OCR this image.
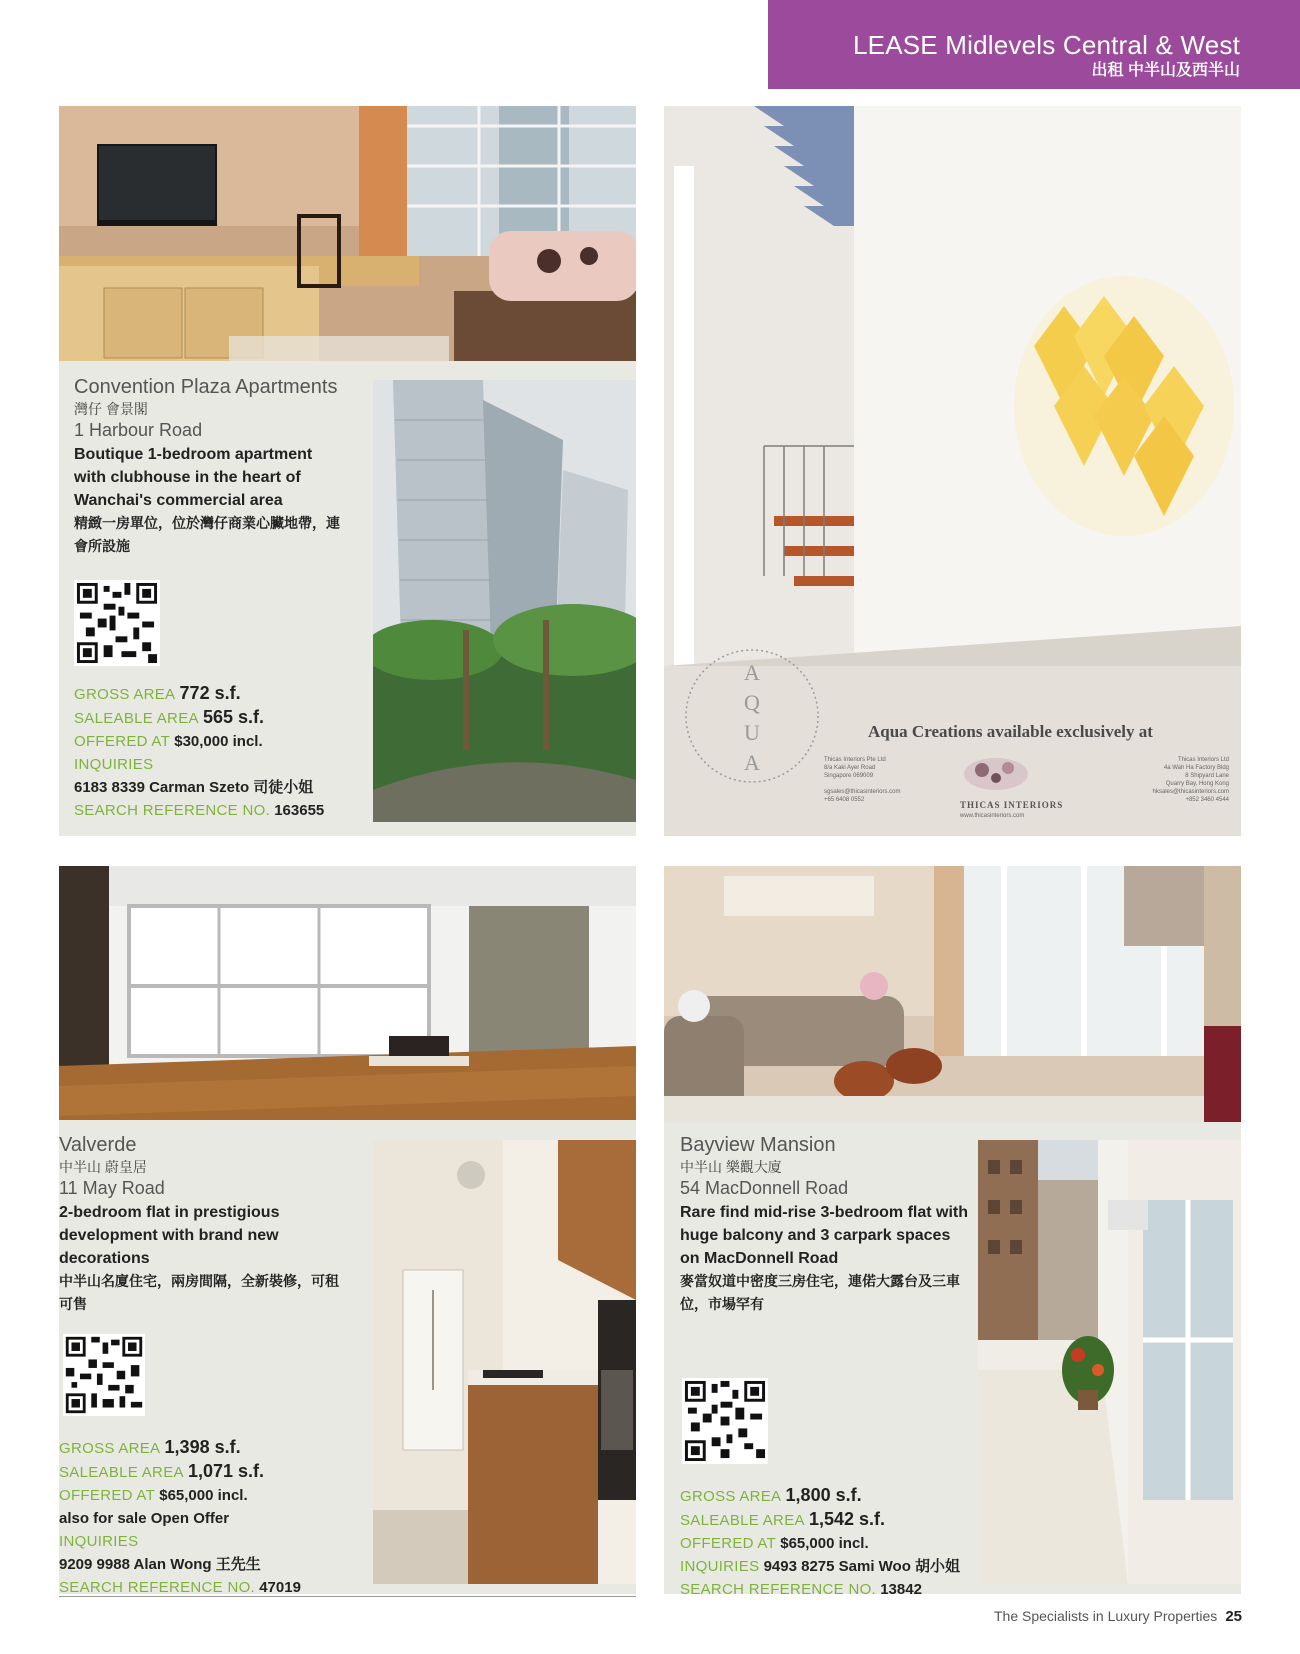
LEASE Midlevels Central & West
出租 中半山及西半山
Convention Plaza Apartments
灣仔 會景閣
1 Harbour Road
Boutique 1-bedroom apartment with clubhouse in the heart of Wanchai's commercial area
精緻一房單位，位於灣仔商業心臟地帶，連會所設施
GROSS AREA 772 s.f.
SALEABLE AREA 565 s.f.
OFFERED AT $30,000 incl.
INQUIRIES
6183 8339 Carman Szeto 司徒小姐
SEARCH REFERENCE NO. 163655
AQUA
Aqua Creations available exclusively at
Thicas Interiors Pte Ltd
8/a Kaki Ayer Road
Singapore 069009

sgsales@thicasinteriors.com
+65 6408 0552
Thicas Interiors Ltd
4a Wah Ha Factory Bldg
8 Shipyard Lane
Quarry Bay, Hong Kong
hksales@thicasinteriors.com
+852 3460 4544
THICAS INTERIORS
www.thicasinteriors.com
Valverde
中半山 蔚皇居
11 May Road
2-bedroom flat in prestigious development with brand new decorations
中半山名廈住宅，兩房間隔，全新裝修，可租可售
GROSS AREA 1,398 s.f.
SALEABLE AREA 1,071 s.f.
OFFERED AT $65,000 incl.
also for sale Open Offer
INQUIRIES
9209 9988 Alan Wong 王先生
SEARCH REFERENCE NO. 47019
Bayview Mansion
中半山 樂觀大廈
54 MacDonnell Road
Rare find mid-rise 3-bedroom flat with huge balcony and 3 carpark spaces on MacDonnell Road
麥當奴道中密度三房住宅，連偌大露台及三車位，市場罕有
GROSS AREA 1,800 s.f.
SALEABLE AREA 1,542 s.f.
OFFERED AT $65,000 incl.
INQUIRIES 9493 8275 Sami Woo 胡小姐
SEARCH REFERENCE NO. 13842
The Specialists in Luxury Properties 25
